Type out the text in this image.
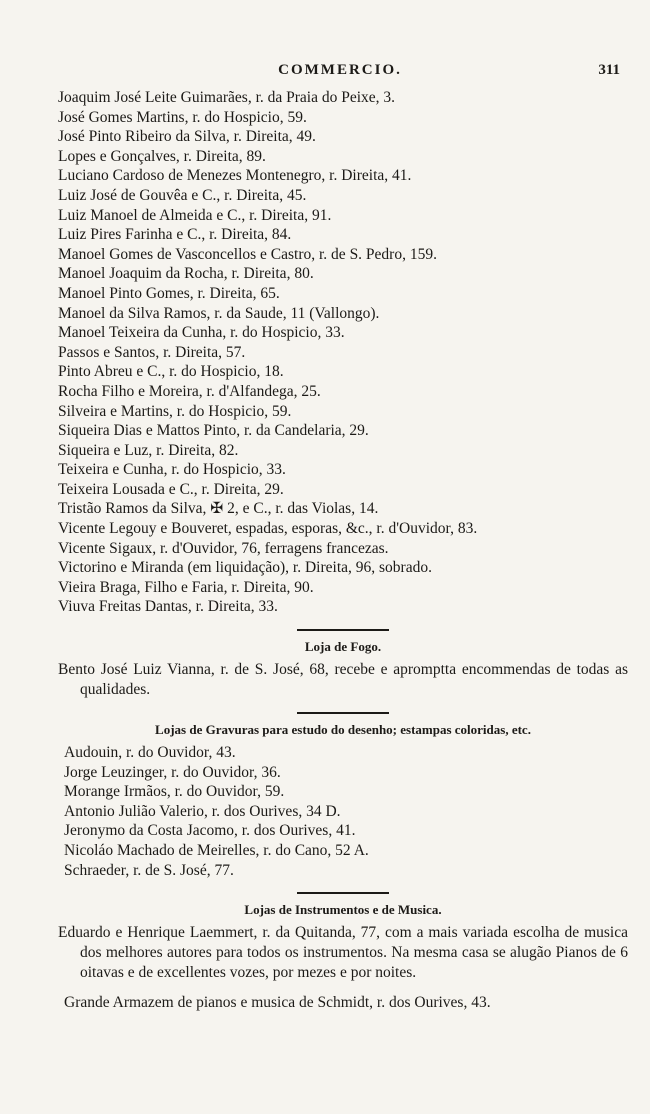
COMMERCIO.	311
Joaquim José Leite Guimarães, r. da Praia do Peixe, 3.
José Gomes Martins, r. do Hospicio, 59.
José Pinto Ribeiro da Silva, r. Direita, 49.
Lopes e Gonçalves, r. Direita, 89.
Luciano Cardoso de Menezes Montenegro, r. Direita, 41.
Luiz José de Gouvêa e C., r. Direita, 45.
Luiz Manoel de Almeida e C., r. Direita, 91.
Luiz Pires Farinha e C., r. Direita, 84.
Manoel Gomes de Vasconcellos e Castro, r. de S. Pedro, 159.
Manoel Joaquim da Rocha, r. Direita, 80.
Manoel Pinto Gomes, r. Direita, 65.
Manoel da Silva Ramos, r. da Saude, 11 (Vallongo).
Manoel Teixeira da Cunha, r. do Hospicio, 33.
Passos e Santos, r. Direita, 57.
Pinto Abreu e C., r. do Hospicio, 18.
Rocha Filho e Moreira, r. d'Alfandega, 25.
Silveira e Martins, r. do Hospicio, 59.
Siqueira Dias e Mattos Pinto, r. da Candelaria, 29.
Siqueira e Luz, r. Direita, 82.
Teixeira e Cunha, r. do Hospicio, 33.
Teixeira Lousada e C., r. Direita, 29.
Tristão Ramos da Silva, ✠ 2, e C., r. das Violas, 14.
Vicente Legouy e Bouveret, espadas, esporas, &c., r. d'Ouvidor, 83.
Vicente Sigaux, r. d'Ouvidor, 76, ferragens francezas.
Victorino e Miranda (em liquidação), r. Direita, 96, sobrado.
Vieira Braga, Filho e Faria, r. Direita, 90.
Viuva Freitas Dantas, r. Direita, 33.
Loja de Fogo.
Bento José Luiz Vianna, r. de S. José, 68, recebe e apromptta encommendas de todas as qualidades.
Lojas de Gravuras para estudo do desenho; estampas coloridas, etc.
Audouin, r. do Ouvidor, 43.
Jorge Leuzinger, r. do Ouvidor, 36.
Morange Irmãos, r. do Ouvidor, 59.
Antonio Julião Valerio, r. dos Ourives, 34 D.
Jeronymo da Costa Jacomo, r. dos Ourives, 41.
Nicoláo Machado de Meirelles, r. do Cano, 52 A.
Schraeder, r. de S. José, 77.
Lojas de Instrumentos e de Musica.
Eduardo e Henrique Laemmert, r. da Quitanda, 77, com a mais variada escolha de musica dos melhores autores para todos os instrumentos. Na mesma casa se alugão Pianos de 6 oitavas e de excellentes vozes, por mezes e por noites.
Grande Armazem de pianos e musica de Schmidt, r. dos Ourives, 43.
